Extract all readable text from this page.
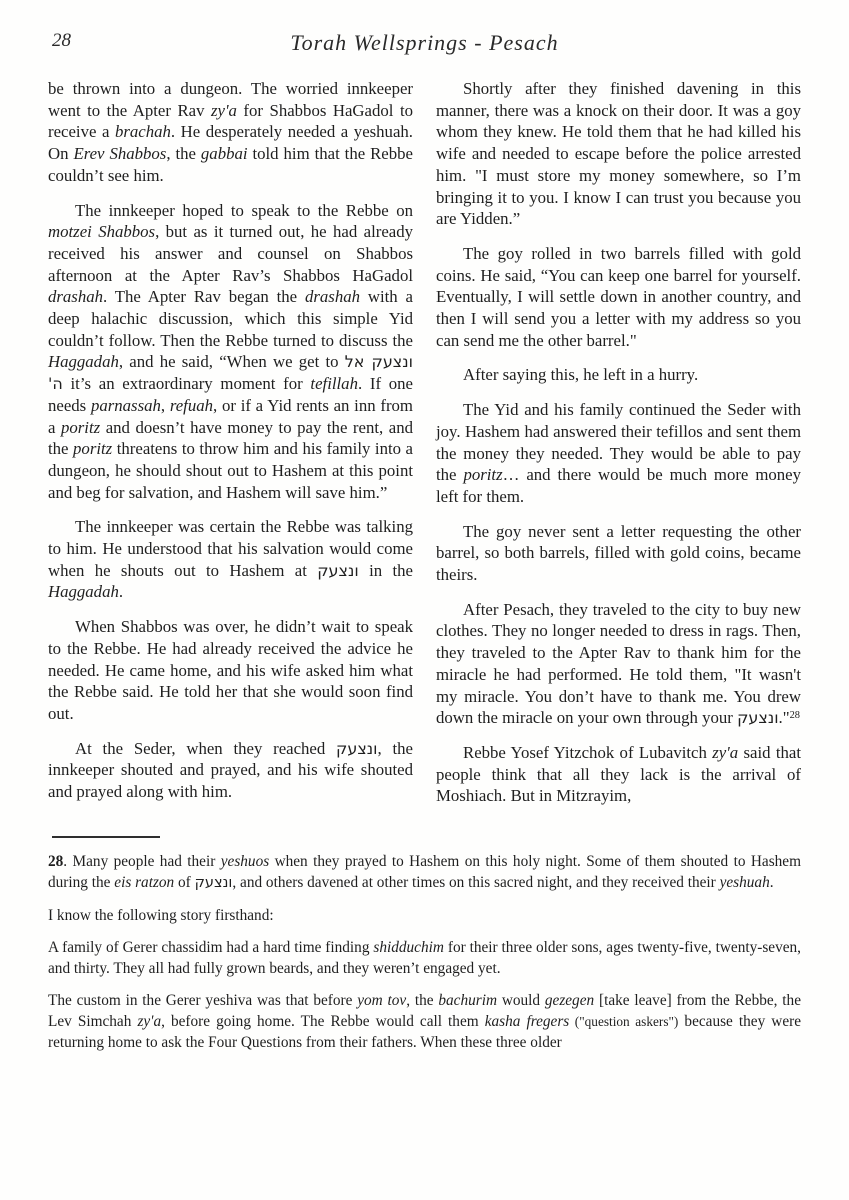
28	Torah Wellsprings - Pesach

be thrown into a dungeon. The worried innkeeper went to the Apter Rav zy'a for Shabbos HaGadol to receive a brachah. He desperately needed a yeshuah. On Erev Shabbos, the gabbai told him that the Rebbe couldn’t see him.

The innkeeper hoped to speak to the Rebbe on motzei Shabbos, but as it turned out, he had already received his answer and counsel on Shabbos afternoon at the Apter Rav’s Shabbos HaGadol drashah. The Apter Rav began the drashah with a deep halachic discussion, which this simple Yid couldn’t follow. Then the Rebbe turned to discuss the Haggadah, and he said, “When we get to ונצעק אל ה' it’s an extraordinary moment for tefillah. If one needs parnassah, refuah, or if a Yid rents an inn from a poritz and doesn’t have money to pay the rent, and the poritz threatens to throw him and his family into a dungeon, he should shout out to Hashem at this point and beg for salvation, and Hashem will save him.”

The innkeeper was certain the Rebbe was talking to him. He understood that his salvation would come when he shouts out to Hashem at ונצעק in the Haggadah.

When Shabbos was over, he didn’t wait to speak to the Rebbe. He had already received the advice he needed. He came home, and his wife asked him what the Rebbe said. He told her that she would soon find out.

At the Seder, when they reached ונצעק, the innkeeper shouted and prayed, and his wife shouted and prayed along with him.

Shortly after they finished davening in this manner, there was a knock on their door. It was a goy whom they knew. He told them that he had killed his wife and needed to escape before the police arrested him. "I must store my money somewhere, so I’m bringing it to you. I know I can trust you because you are Yidden.”

The goy rolled in two barrels filled with gold coins. He said, “You can keep one barrel for yourself. Eventually, I will settle down in another country, and then I will send you a letter with my address so you can send me the other barrel."

After saying this, he left in a hurry.

The Yid and his family continued the Seder with joy. Hashem had answered their tefillos and sent them the money they needed. They would be able to pay the poritz… and there would be much more money left for them.

The goy never sent a letter requesting the other barrel, so both barrels, filled with gold coins, became theirs.

After Pesach, they traveled to the city to buy new clothes. They no longer needed to dress in rags. Then, they traveled to the Apter Rav to thank him for the miracle he had performed. He told them, "It wasn't my miracle. You don’t have to thank me. You drew down the miracle on your own through your ונצעק."$^{28}$

Rebbe Yosef Yitzchok of Lubavitch zy'a said that people think that all they lack is the arrival of Moshiach. But in Mitzrayim,

28. Many people had their yeshuos when they prayed to Hashem on this holy night. Some of them shouted to Hashem during the eis ratzon of ונצעק, and others davened at other times on this sacred night, and they received their yeshuah.

I know the following story firsthand:

A family of Gerer chassidim had a hard time finding shidduchim for their three older sons, ages twenty-five, twenty-seven, and thirty. They all had fully grown beards, and they weren’t engaged yet.

The custom in the Gerer yeshiva was that before yom tov, the bachurim would gezegen [take leave] from the Rebbe, the Lev Simchah zy'a, before going home. The Rebbe would call them kasha fregers ("question askers") because they were returning home to ask the Four Questions from their fathers. When these three older
